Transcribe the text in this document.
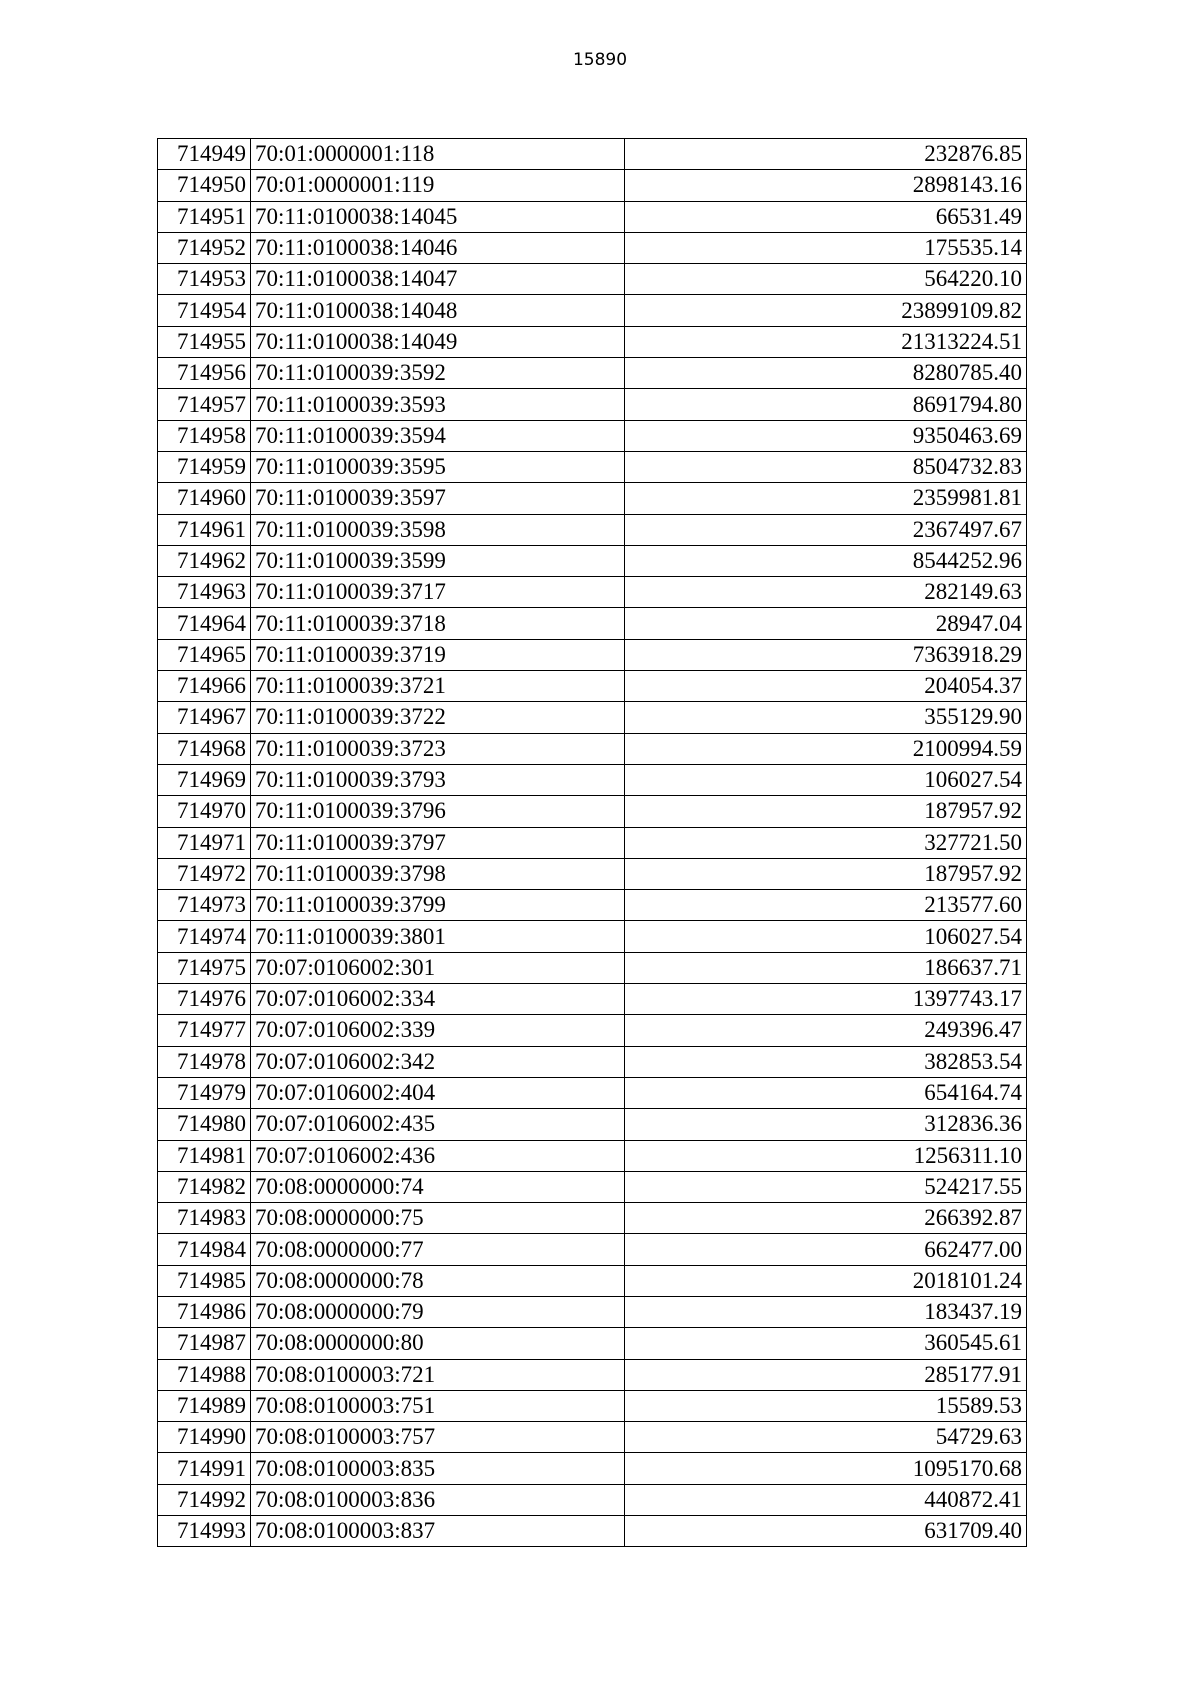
15890
714949	70:01:0000001:118	232876.85
714950	70:01:0000001:119	2898143.16
714951	70:11:0100038:14045	66531.49
714952	70:11:0100038:14046	175535.14
714953	70:11:0100038:14047	564220.10
714954	70:11:0100038:14048	23899109.82
714955	70:11:0100038:14049	21313224.51
714956	70:11:0100039:3592	8280785.40
714957	70:11:0100039:3593	8691794.80
714958	70:11:0100039:3594	9350463.69
714959	70:11:0100039:3595	8504732.83
714960	70:11:0100039:3597	2359981.81
714961	70:11:0100039:3598	2367497.67
714962	70:11:0100039:3599	8544252.96
714963	70:11:0100039:3717	282149.63
714964	70:11:0100039:3718	28947.04
714965	70:11:0100039:3719	7363918.29
714966	70:11:0100039:3721	204054.37
714967	70:11:0100039:3722	355129.90
714968	70:11:0100039:3723	2100994.59
714969	70:11:0100039:3793	106027.54
714970	70:11:0100039:3796	187957.92
714971	70:11:0100039:3797	327721.50
714972	70:11:0100039:3798	187957.92
714973	70:11:0100039:3799	213577.60
714974	70:11:0100039:3801	106027.54
714975	70:07:0106002:301	186637.71
714976	70:07:0106002:334	1397743.17
714977	70:07:0106002:339	249396.47
714978	70:07:0106002:342	382853.54
714979	70:07:0106002:404	654164.74
714980	70:07:0106002:435	312836.36
714981	70:07:0106002:436	1256311.10
714982	70:08:0000000:74	524217.55
714983	70:08:0000000:75	266392.87
714984	70:08:0000000:77	662477.00
714985	70:08:0000000:78	2018101.24
714986	70:08:0000000:79	183437.19
714987	70:08:0000000:80	360545.61
714988	70:08:0100003:721	285177.91
714989	70:08:0100003:751	15589.53
714990	70:08:0100003:757	54729.63
714991	70:08:0100003:835	1095170.68
714992	70:08:0100003:836	440872.41
714993	70:08:0100003:837	631709.40
